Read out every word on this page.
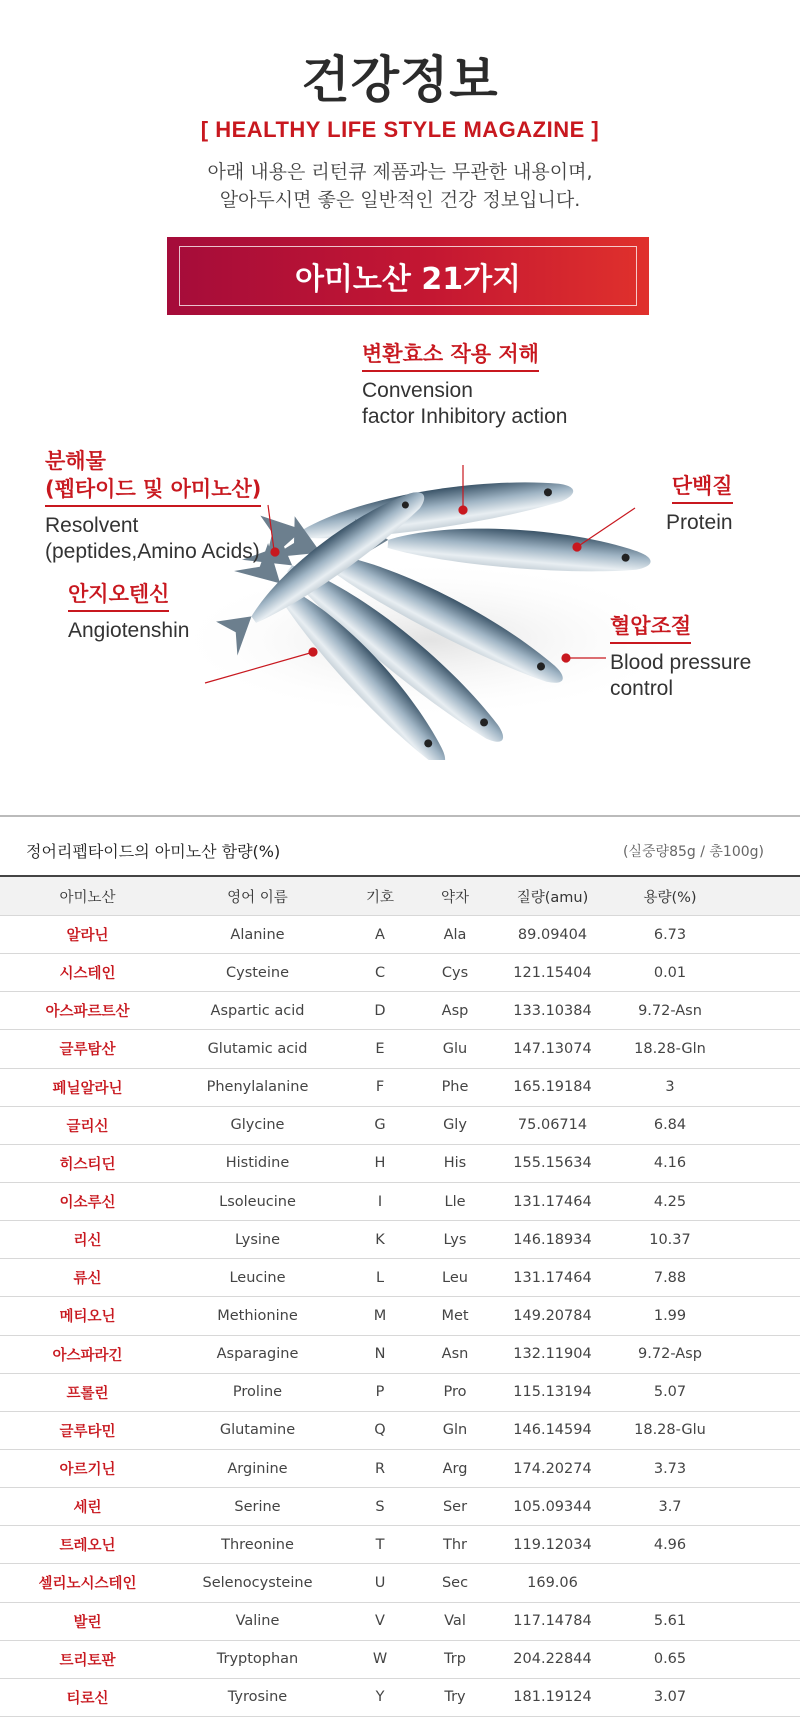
건강정보
[ HEALTHY LIFE STYLE MAGAZINE ]
아래 내용은 리턴큐 제품과는 무관한 내용이며,
알아두시면 좋은 일반적인 건강 정보입니다.
아미노산 21가지
변환효소 작용 저해
Convension
factor Inhibitory action
분해물
(펩타이드 및 아미노산)
Resolvent
(peptides,Amino Acids)
단백질
Protein
안지오텐신
Angiotenshin	혈압조절
Blood pressure
control
정어리펩타이드의 아미노산 함량(%)	(실중량85g / 총100g)
아미노산	영어 이름	기호	약자	질량(amu)	용량(%)
알라닌	Alanine	A	Ala	89.09404	6.73
시스테인	Cysteine	C	Cys	121.15404	0.01
아스파르트산	Aspartic acid	D	Asp	133.10384	9.72-Asn
글루탐산	Glutamic acid	E	Glu	147.13074	18.28-Gln
페닐알라닌	Phenylalanine	F	Phe	165.19184	3
글리신	Glycine	G	Gly	75.06714	6.84
히스티딘	Histidine	H	His	155.15634	4.16
이소루신	Lsoleucine	I	Lle	131.17464	4.25
리신	Lysine	K	Lys	146.18934	10.37
류신	Leucine	L	Leu	131.17464	7.88
메티오닌	Methionine	M	Met	149.20784	1.99
아스파라긴	Asparagine	N	Asn	132.11904	9.72-Asp
프롤린	Proline	P	Pro	115.13194	5.07
글루타민	Glutamine	Q	Gln	146.14594	18.28-Glu
아르기닌	Arginine	R	Arg	174.20274	3.73
세린	Serine	S	Ser	105.09344	3.7
트레오닌	Threonine	T	Thr	119.12034	4.96
셀리노시스테인	Selenocysteine	U	Sec	169.06
발린	Valine	V	Val	117.14784	5.61
트리토판	Tryptophan	W	Trp	204.22844	0.65
티로신	Tyrosine	Y	Try	181.19124	3.07
